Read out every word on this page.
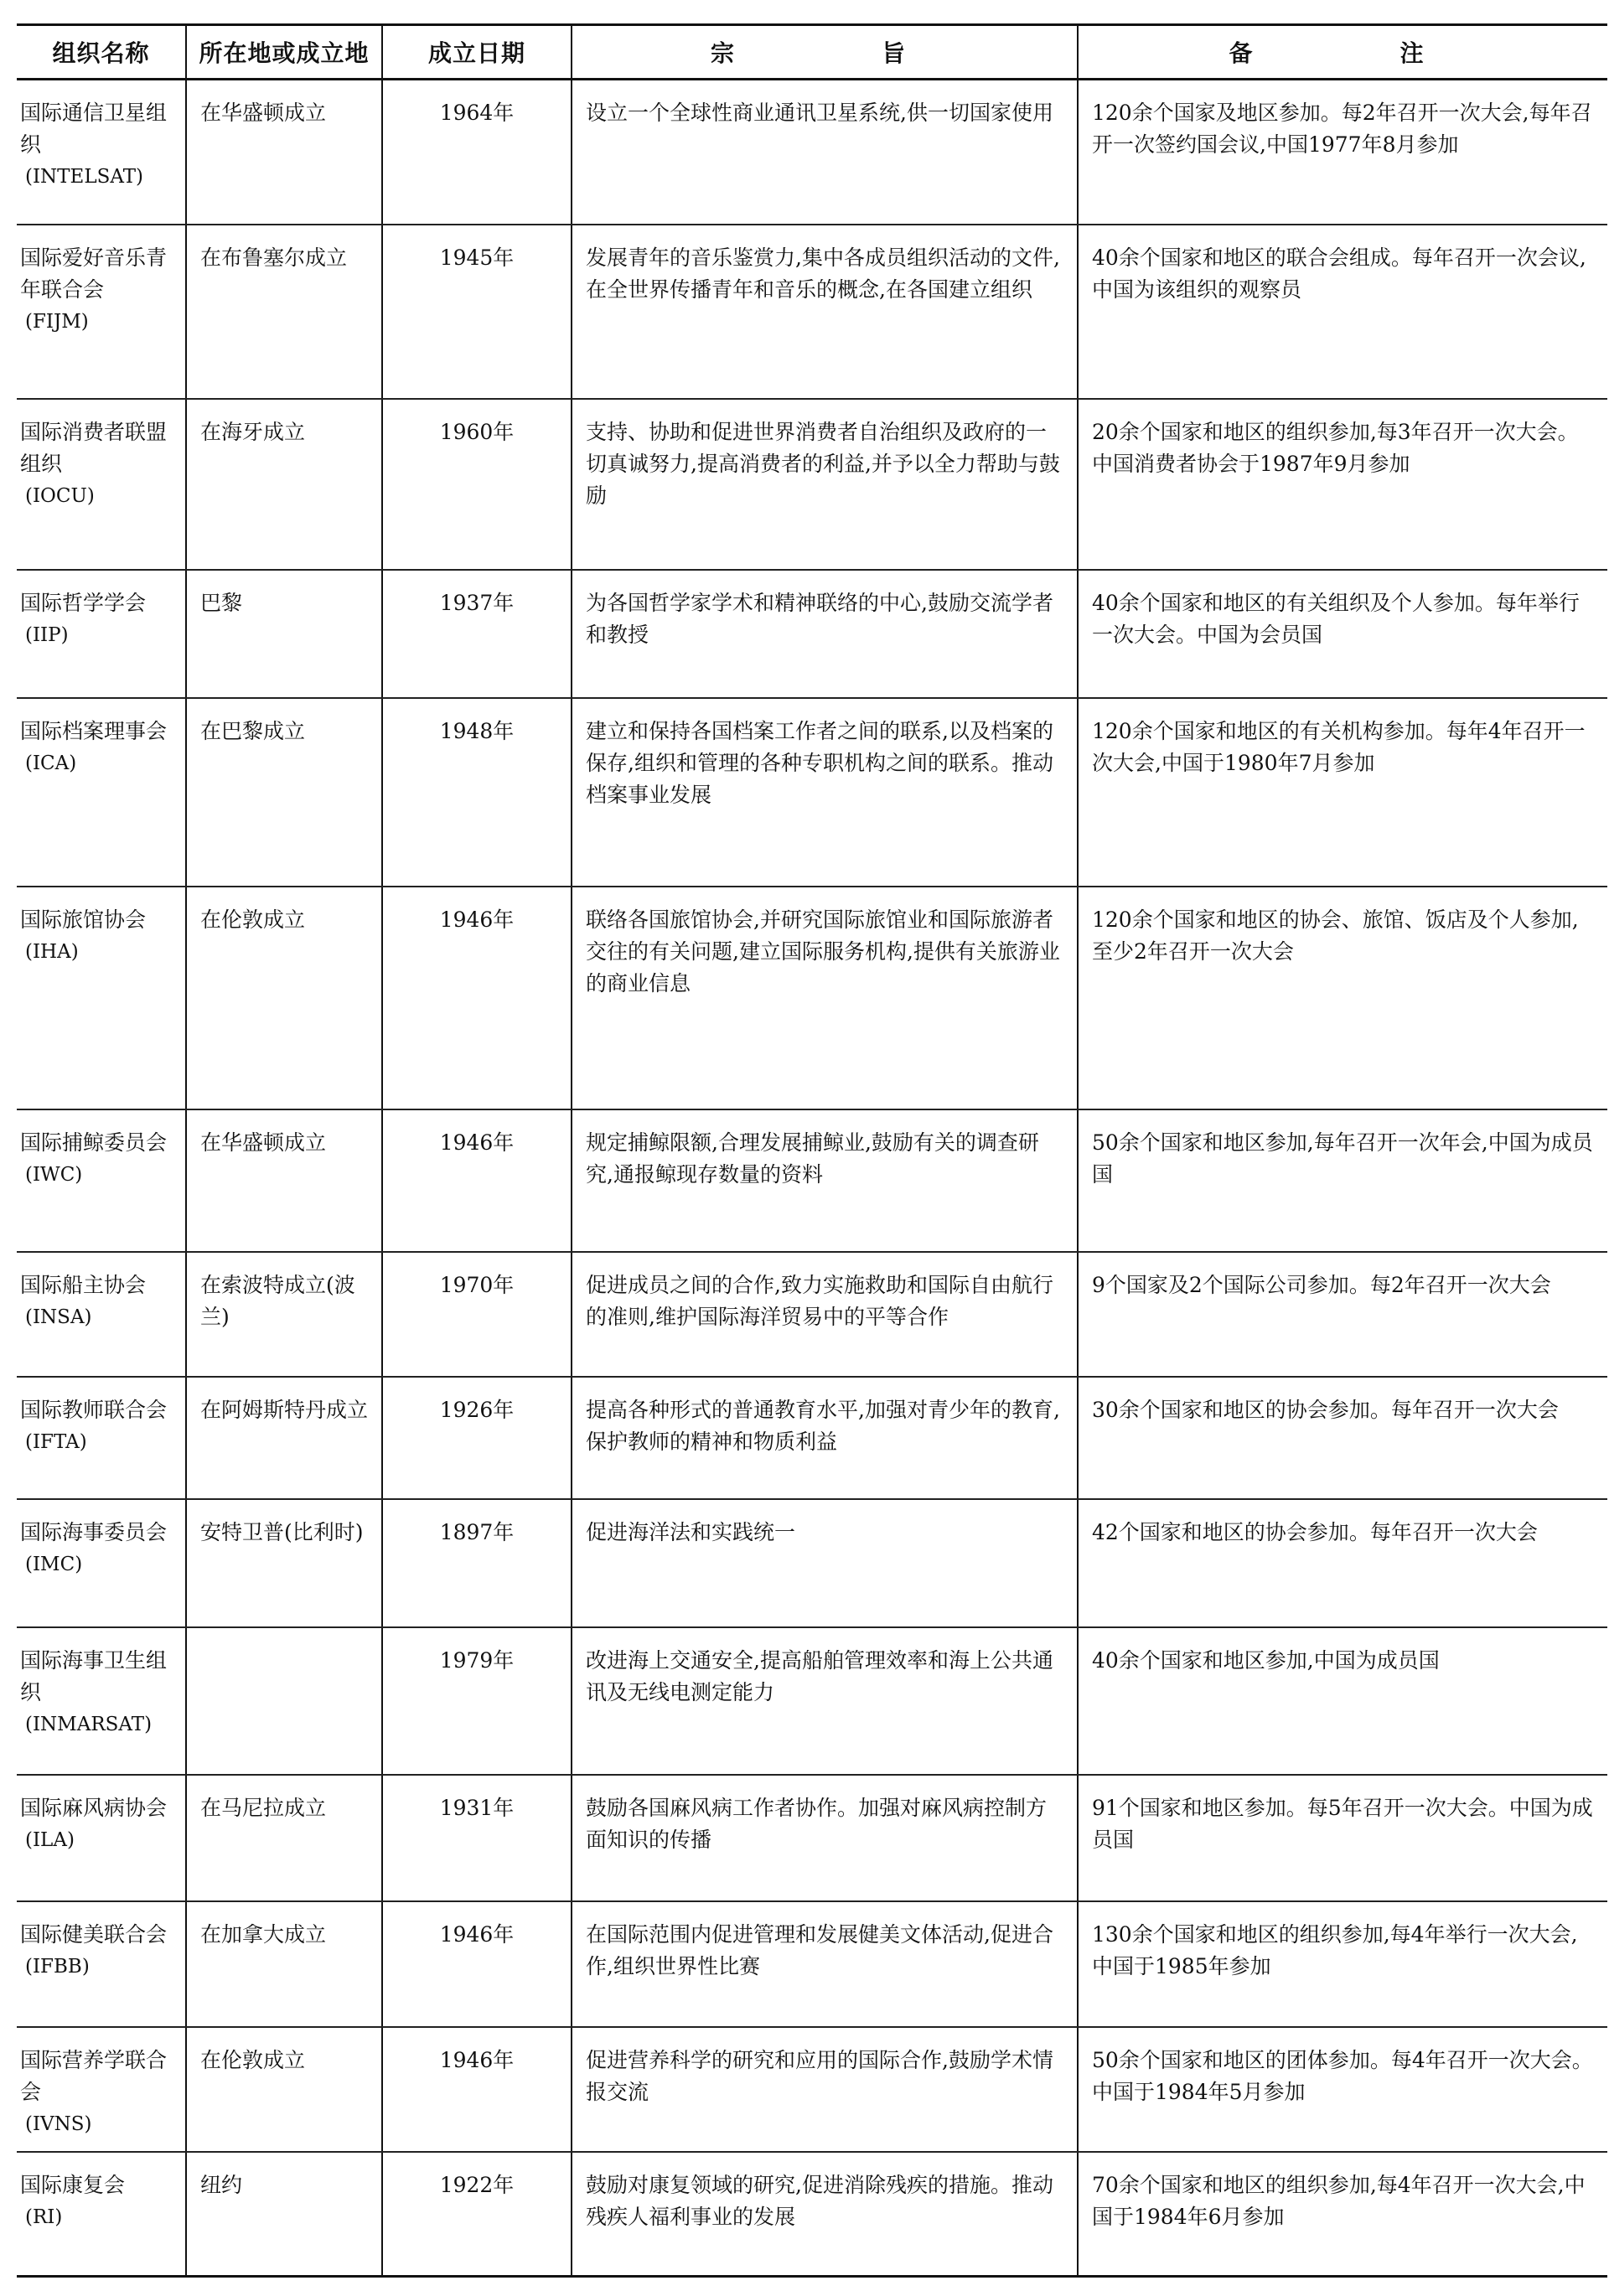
组织名称	所在地或成立地	成立日期	宗　　旨	备　　注
国际通信卫星组织
(INTELSAT)	在华盛顿成立	1964年	设立一个全球性商业通讯卫星系统,供一切国家使用	120余个国家及地区参加。每2年召开一次大会,每年召开一次签约国会议,中国1977年8月参加
国际爱好音乐青年联合会
(FIJM)	在布鲁塞尔成立	1945年	发展青年的音乐鉴赏力,集中各成员组织活动的文件,在全世界传播青年和音乐的概念,在各国建立组织	40余个国家和地区的联合会组成。每年召开一次会议,中国为该组织的观察员
国际消费者联盟组织
(IOCU)	在海牙成立	1960年	支持、协助和促进世界消费者自治组织及政府的一切真诚努力,提高消费者的利益,并予以全力帮助与鼓励	20余个国家和地区的组织参加,每3年召开一次大会。中国消费者协会于1987年9月参加
国际哲学学会
(IIP)	巴黎	1937年	为各国哲学家学术和精神联络的中心,鼓励交流学者和教授	40余个国家和地区的有关组织及个人参加。每年举行一次大会。中国为会员国
国际档案理事会
(ICA)	在巴黎成立	1948年	建立和保持各国档案工作者之间的联系,以及档案的保存,组织和管理的各种专职机构之间的联系。推动档案事业发展	120余个国家和地区的有关机构参加。每年4年召开一次大会,中国于1980年7月参加
国际旅馆协会
(IHA)	在伦敦成立	1946年	联络各国旅馆协会,并研究国际旅馆业和国际旅游者交往的有关问题,建立国际服务机构,提供有关旅游业的商业信息	120余个国家和地区的协会、旅馆、饭店及个人参加,至少2年召开一次大会
国际捕鲸委员会
(IWC)	在华盛顿成立	1946年	规定捕鲸限额,合理发展捕鲸业,鼓励有关的调查研究,通报鲸现存数量的资料	50余个国家和地区参加,每年召开一次年会,中国为成员国
国际船主协会
(INSA)	在索波特成立(波兰)	1970年	促进成员之间的合作,致力实施救助和国际自由航行的准则,维护国际海洋贸易中的平等合作	9个国家及2个国际公司参加。每2年召开一次大会
国际教师联合会
(IFTA)	在阿姆斯特丹成立	1926年	提高各种形式的普通教育水平,加强对青少年的教育,保护教师的精神和物质利益	30余个国家和地区的协会参加。每年召开一次大会
国际海事委员会
(IMC)	安特卫普(比利时)	1897年	促进海洋法和实践统一	42个国家和地区的协会参加。每年召开一次大会
国际海事卫生组织
(INMARSAT)		1979年	改进海上交通安全,提高船舶管理效率和海上公共通讯及无线电测定能力	40余个国家和地区参加,中国为成员国
国际麻风病协会
(ILA)	在马尼拉成立	1931年	鼓励各国麻风病工作者协作。加强对麻风病控制方面知识的传播	91个国家和地区参加。每5年召开一次大会。中国为成员国
国际健美联合会
(IFBB)	在加拿大成立	1946年	在国际范围内促进管理和发展健美文体活动,促进合作,组织世界性比赛	130余个国家和地区的组织参加,每4年举行一次大会,中国于1985年参加
国际营养学联合会
(IVNS)	在伦敦成立	1946年	促进营养科学的研究和应用的国际合作,鼓励学术情报交流	50余个国家和地区的团体参加。每4年召开一次大会。中国于1984年5月参加
国际康复会
(RI)	纽约	1922年	鼓励对康复领域的研究,促进消除残疾的措施。推动残疾人福利事业的发展	70余个国家和地区的组织参加,每4年召开一次大会,中国于1984年6月参加
